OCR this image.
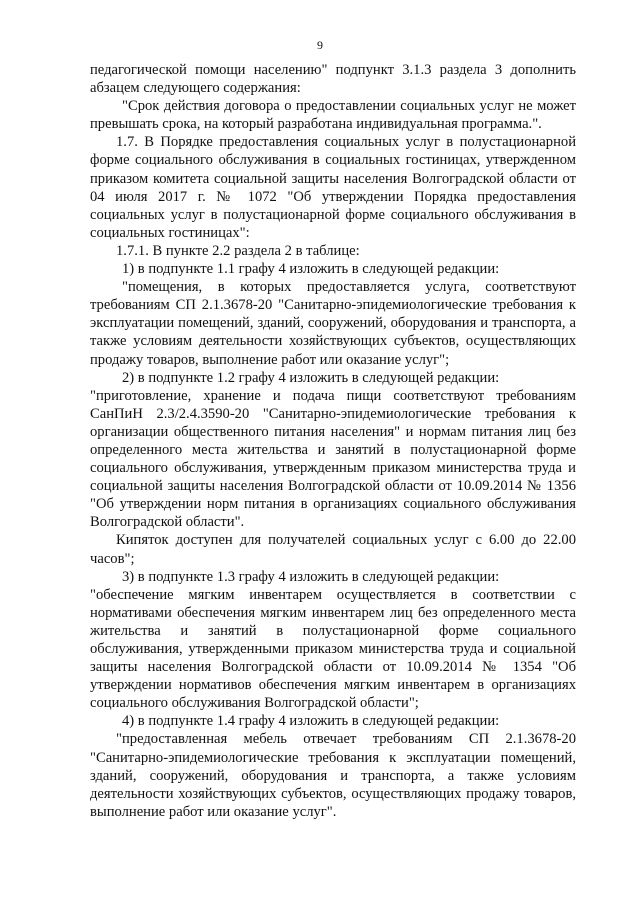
9

педагогической помощи населению" подпункт 3.1.3 раздела 3 дополнить абзацем следующего содержания:

"Срок действия договора о предоставлении социальных услуг не может превышать срока, на который разработана индивидуальная программа.".

1.7. В Порядке предоставления социальных услуг в полустационарной форме социального обслуживания в социальных гостиницах, утвержденном приказом комитета социальной защиты населения Волгоградской области от 04 июля 2017 г. № 1072 "Об утверждении Порядка предоставления социальных услуг в полустационарной форме социального обслуживания в социальных гостиницах":

1.7.1. В пункте 2.2 раздела 2 в таблице:

1) в подпункте 1.1 графу 4 изложить в следующей редакции:

"помещения, в которых предоставляется услуга, соответствуют требованиям СП 2.1.3678-20 "Санитарно-эпидемиологические требования к эксплуатации помещений, зданий, сооружений, оборудования и транспорта, а также условиям деятельности хозяйствующих субъектов, осуществляющих продажу товаров, выполнение работ или оказание услуг";

2) в подпункте 1.2 графу 4 изложить в следующей редакции:

"приготовление, хранение и подача пищи соответствуют требованиям СанПиН 2.3/2.4.3590-20 "Санитарно-эпидемиологические требования к организации общественного питания населения" и нормам питания лиц без определенного места жительства и занятий в полустационарной форме социального обслуживания, утвержденным приказом министерства труда и социальной защиты населения Волгоградской области от 10.09.2014 № 1356 "Об утверждении норм питания в организациях социального обслуживания Волгоградской области".

Кипяток доступен для получателей социальных услуг с 6.00 до 22.00 часов";

3) в подпункте 1.3 графу 4 изложить в следующей редакции:

"обеспечение мягким инвентарем осуществляется в соответствии с нормативами обеспечения мягким инвентарем лиц без определенного места жительства и занятий в полустационарной форме социального обслуживания, утвержденными приказом министерства труда и социальной защиты населения Волгоградской области от 10.09.2014 № 1354 "Об утверждении нормативов обеспечения мягким инвентарем в организациях социального обслуживания Волгоградской области";

4) в подпункте 1.4 графу 4 изложить в следующей редакции:

"предоставленная мебель отвечает требованиям СП 2.1.3678-20 "Санитарно-эпидемиологические требования к эксплуатации помещений, зданий, сооружений, оборудования и транспорта, а также условиям деятельности хозяйствующих субъектов, осуществляющих продажу товаров, выполнение работ или оказание услуг".
